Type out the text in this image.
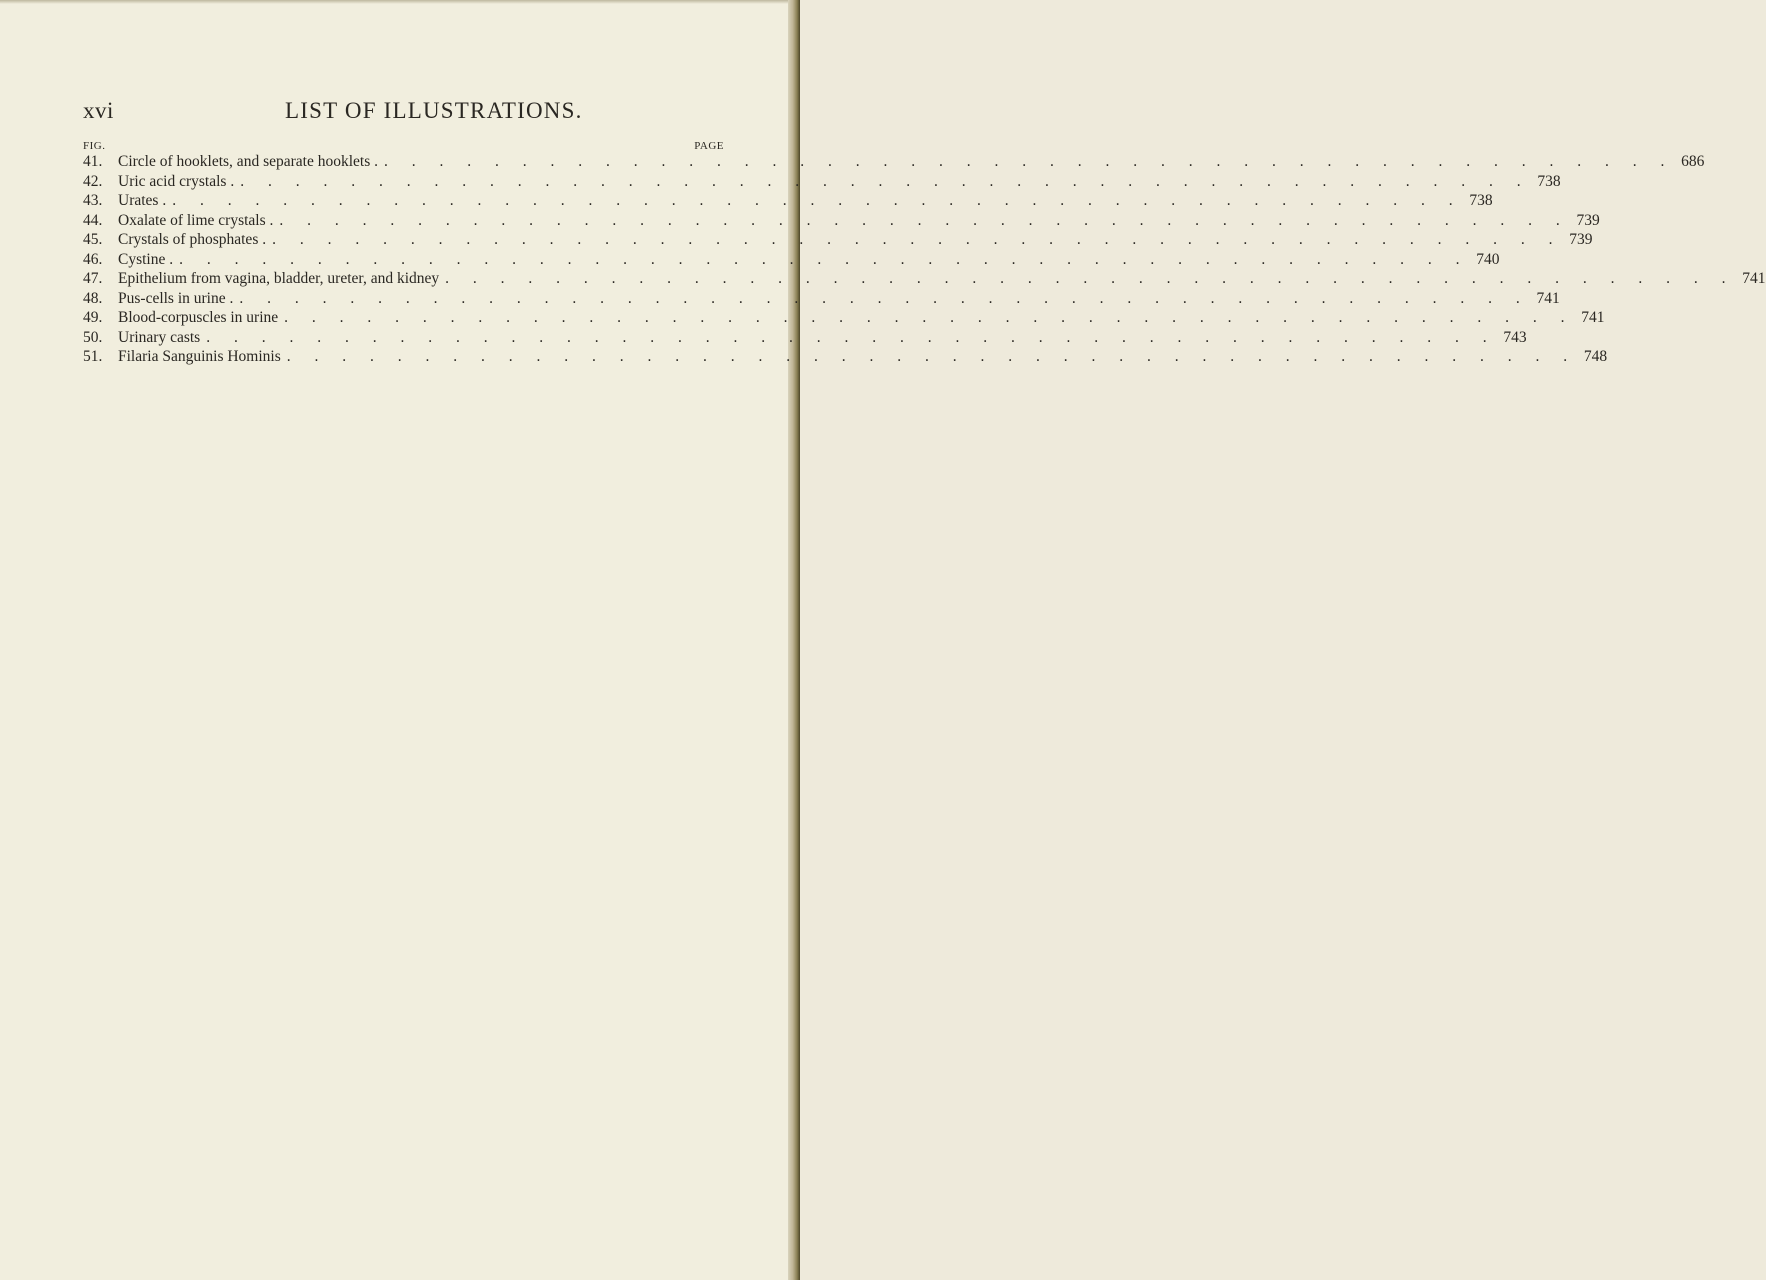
xvi	LIST OF ILLUSTRATIONS.
FIG.	PAGE
41.	Circle of hooklets, and separate hooklets . . . . . . . . . . . . . . . . . . . . . . . . . . . . . . . . . . . . . . . . . . . . . . . . 686
42.	Uric acid crystals . . . . . . . . . . . . . . . . . . . . . . . . . . . . . . . . . . . . . . . . . . . . . . . . 738
43.	Urates . . . . . . . . . . . . . . . . . . . . . . . . . . . . . . . . . . . . . . . . . . . . . . . . 738
44.	Oxalate of lime crystals . . . . . . . . . . . . . . . . . . . . . . . . . . . . . . . . . . . . . . . . . . . . . . . . 739
45.	Crystals of phosphates . . . . . . . . . . . . . . . . . . . . . . . . . . . . . . . . . . . . . . . . . . . . . . . . 739
46.	Cystine . . . . . . . . . . . . . . . . . . . . . . . . . . . . . . . . . . . . . . . . . . . . . . . . 740
47.	Epithelium from vagina, bladder, ureter, and kidney . . . . . . . . . . . . . . . . . . . . . . . . . . . . . . . . . . . . . . . . . . . . . . . 741
48.	Pus-cells in urine . . . . . . . . . . . . . . . . . . . . . . . . . . . . . . . . . . . . . . . . . . . . . . . . 741
49.	Blood-corpuscles in urine . . . . . . . . . . . . . . . . . . . . . . . . . . . . . . . . . . . . . . . . . . . . . . . 741
50.	Urinary casts . . . . . . . . . . . . . . . . . . . . . . . . . . . . . . . . . . . . . . . . . . . . . . . 743
51.	Filaria Sanguinis Hominis . . . . . . . . . . . . . . . . . . . . . . . . . . . . . . . . . . . . . . . . . . . . . . . 748
